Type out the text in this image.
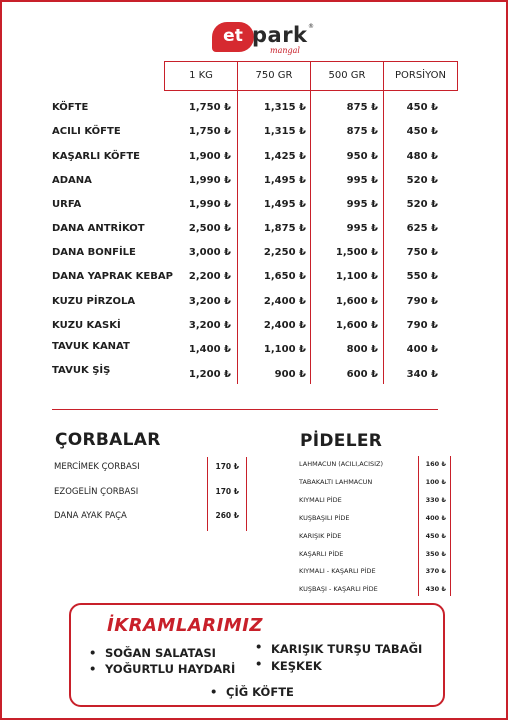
et park ®
mangal
1 KG	750 GR	500 GR	PORSİYON
KÖFTE	1,750 ₺	1,315 ₺	875 ₺	450 ₺
ACILI KÖFTE	1,750 ₺	1,315 ₺	875 ₺	450 ₺
KAŞARLI KÖFTE	1,900 ₺	1,425 ₺	950 ₺	480 ₺
ADANA	1,990 ₺	1,495 ₺	995 ₺	520 ₺
URFA	1,990 ₺	1,495 ₺	995 ₺	520 ₺
DANA ANTRİKOT	2,500 ₺	1,875 ₺	995 ₺	625 ₺
DANA BONFİLE	3,000 ₺	2,250 ₺	1,500 ₺	750 ₺
DANA YAPRAK KEBAP	2,200 ₺	1,650 ₺	1,100 ₺	550 ₺
KUZU PİRZOLA	3,200 ₺	2,400 ₺	1,600 ₺	790 ₺
KUZU KASKİ	3,200 ₺	2,400 ₺	1,600 ₺	790 ₺
TAVUK KANAT	1,400 ₺	1,100 ₺	800 ₺	400 ₺
TAVUK ŞİŞ	1,200 ₺	900 ₺	600 ₺	340 ₺
ÇORBALAR
MERCİMEK ÇORBASI	170 ₺
EZOGELİN ÇORBASI	170 ₺
DANA AYAK PAÇA	260 ₺
PİDELER
LAHMACUN (ACILI,ACISIZ)	160 ₺
TABAKALTI LAHMACUN	100 ₺
KIYMALI PİDE	330 ₺
KUŞBAŞILI PİDE	400 ₺
KARIŞIK PİDE	450 ₺
KAŞARLI PİDE	350 ₺
KIYMALI - KAŞARLI PİDE	370 ₺
KUŞBAŞI - KAŞARLI PİDE	430 ₺
İKRAMLARIMIZ
• SOĞAN SALATASI
• YOĞURTLU HAYDARİ
• KARIŞIK TURŞU TABAĞI
• KEŞKEK
• ÇİĞ KÖFTE
